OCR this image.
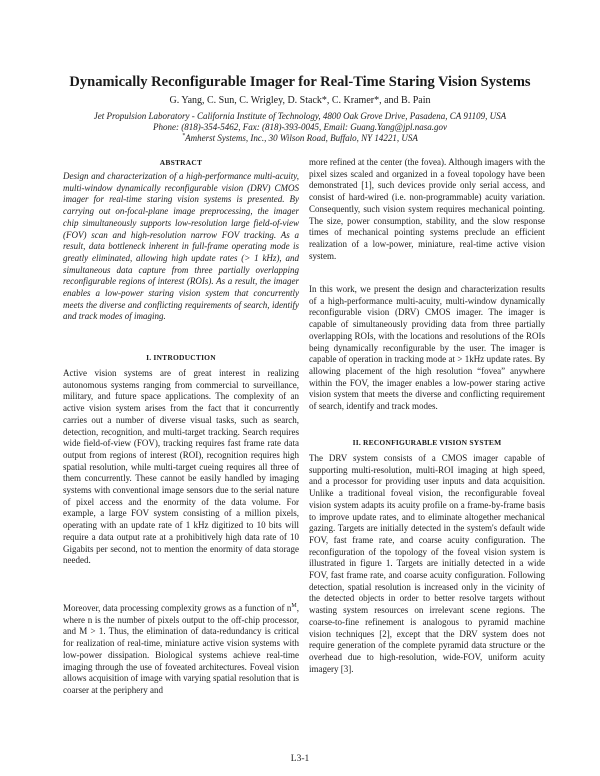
Dynamically Reconfigurable Imager for Real-Time Staring Vision Systems
G. Yang, C. Sun, C. Wrigley, D. Stack*, C. Kramer*, and B. Pain
Jet Propulsion Laboratory - California Institute of Technology, 4800 Oak Grove Drive, Pasadena, CA 91109, USA
Phone: (818)-354-5462, Fax: (818)-393-0045, Email: Guang.Yang@jpl.nasa.gov
*Amherst Systems, Inc., 30 Wilson Road, Buffalo, NY 14221, USA
ABSTRACT

Design and characterization of a high-performance multi-acuity, multi-window dynamically reconfigurable vision (DRV) CMOS imager for real-time staring vision systems is presented. By carrying out on-focal-plane image preprocessing, the imager chip simultaneously supports low-resolution large field-of-view (FOV) scan and high-resolution narrow FOV tracking. As a result, data bottleneck inherent in full-frame operating mode is greatly eliminated, allowing high update rates (> 1 kHz), and simultaneous data capture from three partially overlapping reconfigurable regions of interest (ROIs). As a result, the imager enables a low-power staring vision system that concurrently meets the diverse and conflicting requirements of search, identify and track modes of imaging.

I. INTRODUCTION

Active vision systems are of great interest in realizing autonomous systems ranging from commercial to surveillance, military, and future space applications. The complexity of an active vision system arises from the fact that it concurrently carries out a number of diverse visual tasks, such as search, detection, recognition, and multi-target tracking. Search requires wide field-of-view (FOV), tracking requires fast frame rate data output from regions of interest (ROI), recognition requires high spatial resolution, while multi-target cueing requires all three of them concurrently. These cannot be easily handled by imaging systems with conventional image sensors due to the serial nature of pixel access and the enormity of the data volume. For example, a large FOV system consisting of a million pixels, operating with an update rate of 1 kHz digitized to 10 bits will require a data output rate at a prohibitively high data rate of 10 Gigabits per second, not to mention the enormity of data storage needed.

Moreover, data processing complexity grows as a function of $n^M$, where n is the number of pixels output to the off-chip processor, and M > 1. Thus, the elimination of data-redundancy is critical for realization of real-time, miniature active vision systems with low-power dissipation. Biological systems achieve real-time imaging through the use of foveated architectures. Foveal vision allows acquisition of image with varying spatial resolution that is coarser at the periphery and

more refined at the center (the fovea). Although imagers with the pixel sizes scaled and organized in a foveal topology have been demonstrated [1], such devices provide only serial access, and consist of hard-wired (i.e. non-programmable) acuity variation. Consequently, such vision system requires mechanical pointing. The size, power consumption, stability, and the slow response times of mechanical pointing systems preclude an efficient realization of a low-power, miniature, real-time active vision system.

In this work, we present the design and characterization results of a high-performance multi-acuity, multi-window dynamically reconfigurable vision (DRV) CMOS imager. The imager is capable of simultaneously providing data from three partially overlapping ROIs, with the locations and resolutions of the ROIs being dynamically reconfigurable by the user. The imager is capable of operation in tracking mode at > 1kHz update rates. By allowing placement of the high resolution “fovea” anywhere within the FOV, the imager enables a low-power staring active vision system that meets the diverse and conflicting requirement of search, identify and track modes.

II. RECONFIGURABLE VISION SYSTEM

The DRV system consists of a CMOS imager capable of supporting multi-resolution, multi-ROI imaging at high speed, and a processor for providing user inputs and data acquisition. Unlike a traditional foveal vision, the reconfigurable foveal vision system adapts its acuity profile on a frame-by-frame basis to improve update rates, and to eliminate altogether mechanical gazing. Targets are initially detected in the system's default wide FOV, fast frame rate, and coarse acuity configuration. The reconfiguration of the topology of the foveal vision system is illustrated in figure 1. Targets are initially detected in a wide FOV, fast frame rate, and coarse acuity configuration. Following detection, spatial resolution is increased only in the vicinity of the detected objects in order to better resolve targets without wasting system resources on irrelevant scene regions. The coarse-to-fine refinement is analogous to pyramid machine vision techniques [2], except that the DRV system does not require generation of the complete pyramid data structure or the overhead due to high-resolution, wide-FOV, uniform acuity imagery [3].

L3-1
